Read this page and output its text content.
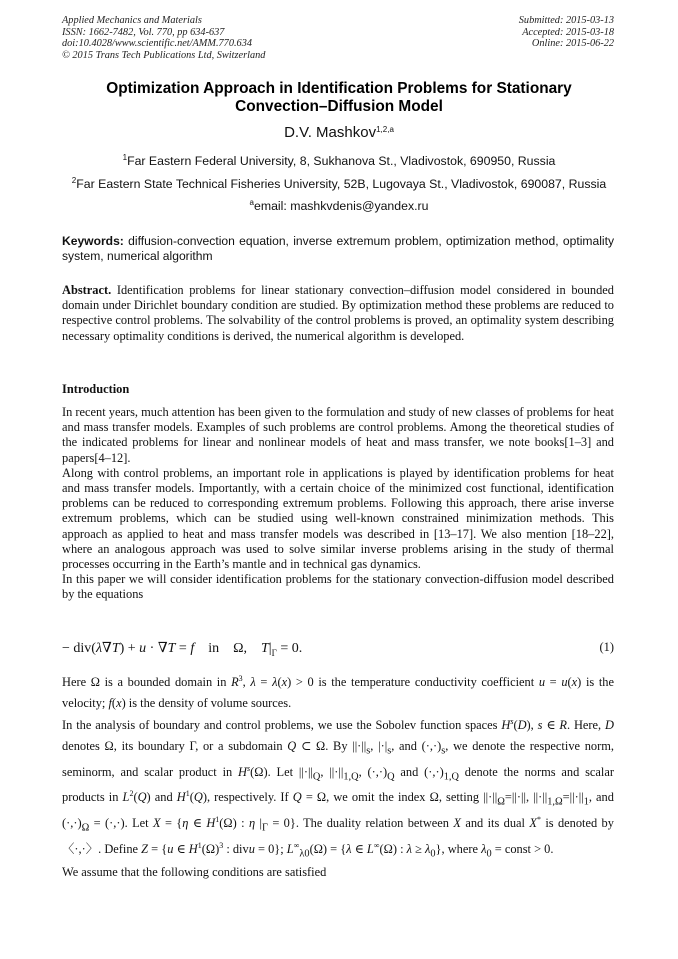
Applied Mechanics and Materials
ISSN: 1662-7482, Vol. 770, pp 634-637
doi:10.4028/www.scientific.net/AMM.770.634
© 2015 Trans Tech Publications Ltd, Switzerland
Submitted: 2015-03-13
Accepted: 2015-03-18
Online: 2015-06-22
Optimization Approach in Identification Problems for Stationary
Convection–Diffusion Model
D.V. Mashkov$^{1,2,a}$
$^1$Far Eastern Federal University, 8, Sukhanova St., Vladivostok, 690950, Russia
$^2$Far Eastern State Technical Fisheries University, 52B, Lugovaya St., Vladivostok, 690087, Russia
$^a$email: mashkvdenis@yandex.ru
Keywords: diffusion-convection equation, inverse extremum problem, optimization method, optimality system, numerical algorithm
Abstract. Identification problems for linear stationary convection–diffusion model considered in bounded domain under Dirichlet boundary condition are studied. By optimization method these problems are reduced to respective control problems. The solvability of the control problems is proved, an optimality system describing necessary optimality conditions is derived, the numerical algorithm is developed.
Introduction

In recent years, much attention has been given to the formulation and study of new classes of problems for heat and mass transfer models. Examples of such problems are control problems. Among the theoretical studies of the indicated problems for linear and nonlinear models of heat and mass transfer, we note books[1–3] and papers[4–12].

Along with control problems, an important role in applications is played by identification problems for heat and mass transfer models. Importantly, with a certain choice of the minimized cost functional, identification problems can be reduced to corresponding extremum problems. Following this approach, there arise inverse extremum problems, which can be studied using well-known constrained minimization methods. This approach as applied to heat and mass transfer models was described in [13–17]. We also mention [18–22], where an analogous approach was used to solve similar inverse problems arising in the study of thermal processes occurring in the Earth’s mantle and in technical gas dynamics.

In this paper we will consider identification problems for the stationary convection-diffusion model described by the equations

− div(λ∇T) + u · ∇T = f    in    Ω,    $T|_\Gamma = 0$.	(1)

Here Ω is a bounded domain in $R^3$, λ = λ(x) > 0 is the temperature conductivity coefficient u = u(x) is the velocity; f(x) is the density of volume sources.

In the analysis of boundary and control problems, we use the Sobolev function spaces $H^s(D)$, s ∈ R. Here, D denotes Ω, its boundary Γ, or a subdomain Q ⊂ Ω. By $||\cdot||_s$, $|\cdot|_s$, and $(\cdot,\cdot)_s$, we denote the respective norm, seminorm, and scalar product in $H^s(\Omega)$. Let $||\cdot||_Q$, $||\cdot||_{1,Q}$, $(\cdot,\cdot)_Q$ and $(\cdot,\cdot)_{1,Q}$ denote the norms and scalar products in $L^2(Q)$ and $H^1(Q)$, respectively. If Q = Ω, we omit the index Ω, setting $||\cdot||_\Omega=||\cdot||$, $||\cdot||_{1,\Omega}=||\cdot||_1$, and $(\cdot,\cdot)_\Omega$ = (·,·). Let X = {η ∈ $H^1(\Omega)$ : η $|_\Gamma = 0$}. The duality relation between X and its dual X* is denoted by 〈·,·〉. Define Z = {u ∈ $H^1(\Omega)^3$ : divu = 0}; $L^\infty_{\lambda 0}(\Omega) = \{\lambda$ ∈ L∞(Ω) : $\lambda \ge \lambda_0$}, where $\lambda_0$ = const > 0.

We assume that the following conditions are satisfied
